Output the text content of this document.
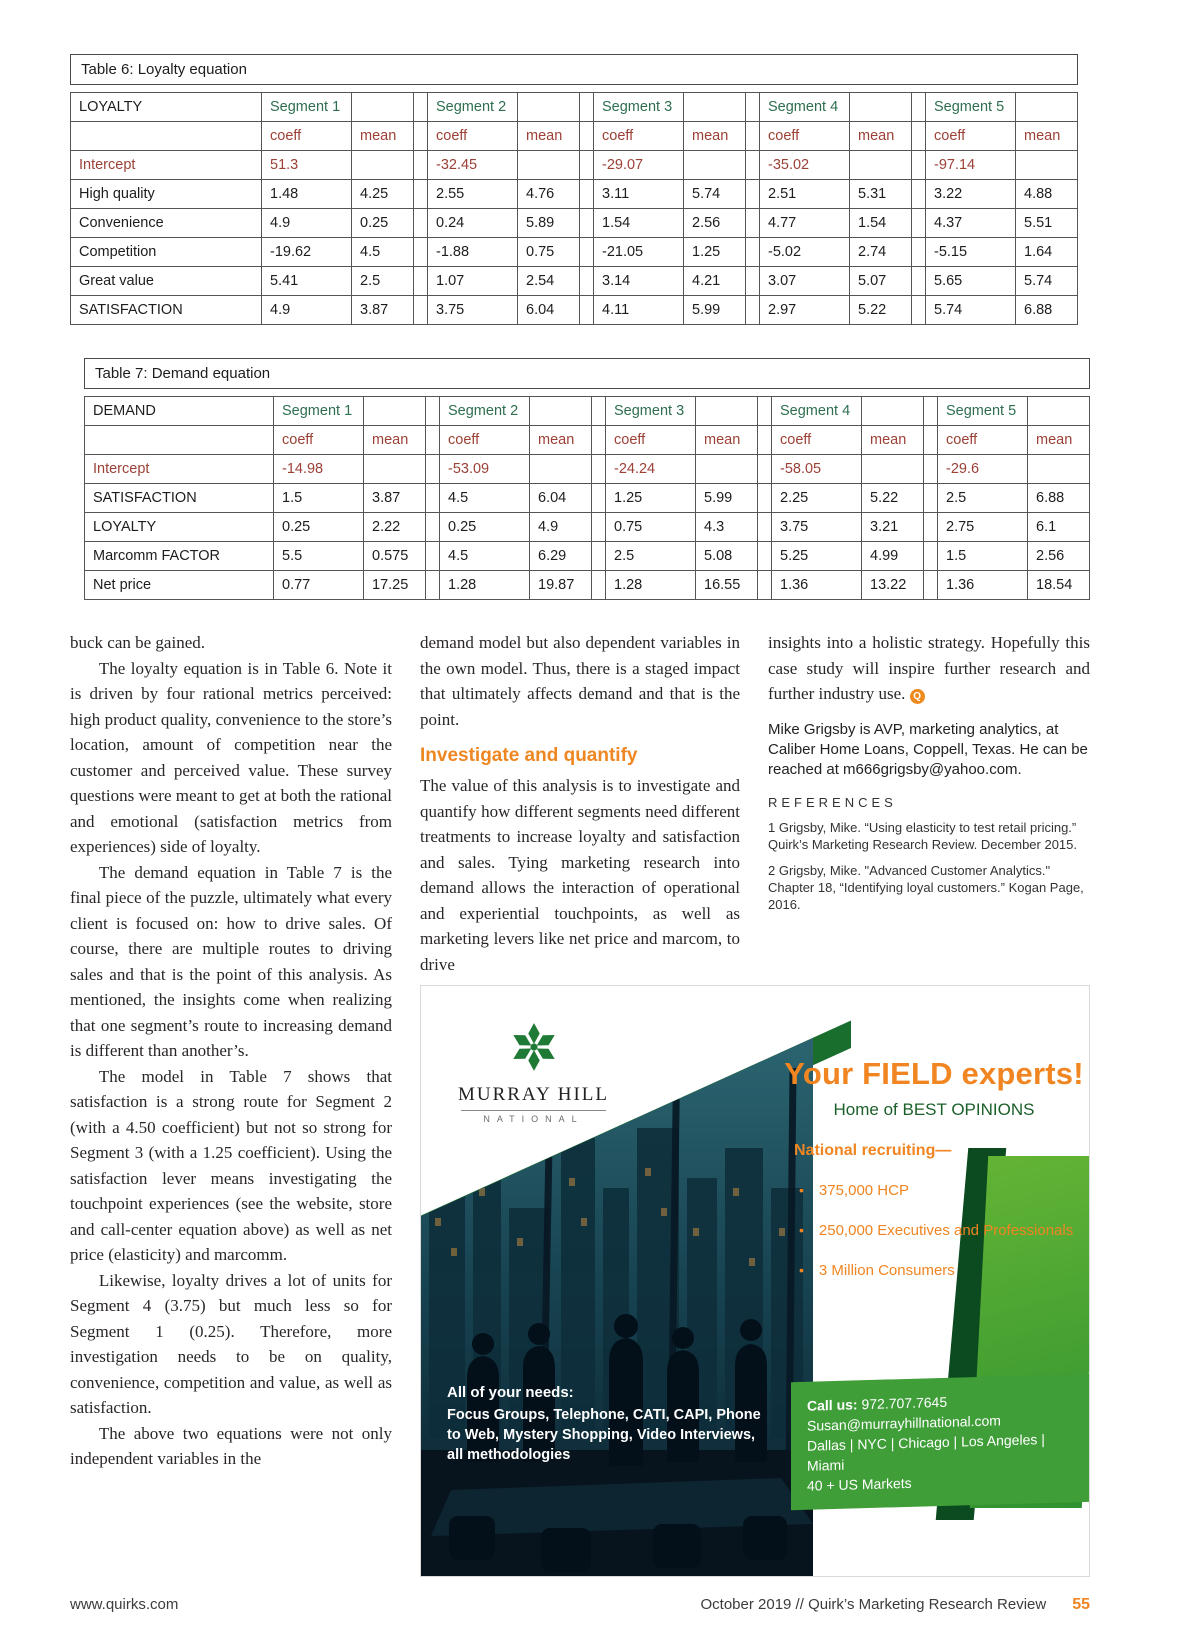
Table 6: Loyalty equation
LOYALTY	Segment 1			Segment 2			Segment 3			Segment 4			Segment 5	
	coeff	mean		coeff	mean		coeff	mean		coeff	mean		coeff	mean
Intercept	51.3			-32.45			-29.07			-35.02			-97.14	
High quality	1.48	4.25		2.55	4.76		3.11	5.74		2.51	5.31		3.22	4.88
Convenience	4.9	0.25		0.24	5.89		1.54	2.56		4.77	1.54		4.37	5.51
Competition	-19.62	4.5		-1.88	0.75		-21.05	1.25		-5.02	2.74		-5.15	1.64
Great value	5.41	2.5		1.07	2.54		3.14	4.21		3.07	5.07		5.65	5.74
SATISFACTION	4.9	3.87		3.75	6.04		4.11	5.99		2.97	5.22		5.74	6.88
Table 7: Demand equation
DEMAND	Segment 1			Segment 2			Segment 3			Segment 4			Segment 5	
	coeff	mean		coeff	mean		coeff	mean		coeff	mean		coeff	mean
Intercept	-14.98			-53.09			-24.24			-58.05			-29.6	
SATISFACTION	1.5	3.87		4.5	6.04		1.25	5.99		2.25	5.22		2.5	6.88
LOYALTY	0.25	2.22		0.25	4.9		0.75	4.3		3.75	3.21		2.75	6.1
Marcomm FACTOR	5.5	0.575		4.5	6.29		2.5	5.08		5.25	4.99		1.5	2.56
Net price	0.77	17.25		1.28	19.87		1.28	16.55		1.36	13.22		1.36	18.54

buck can be gained.

The loyalty equation is in Table 6. Note it is driven by four rational metrics perceived: high product quality, convenience to the store’s location, amount of competition near the customer and perceived value. These survey questions were meant to get at both the rational and emotional (satisfaction metrics from experiences) side of loyalty.

The demand equation in Table 7 is the final piece of the puzzle, ultimately what every client is focused on: how to drive sales. Of course, there are multiple routes to driving sales and that is the point of this analysis. As mentioned, the insights come when realizing that one segment’s route to increasing demand is different than another’s.

The model in Table 7 shows that satisfaction is a strong route for Segment 2 (with a 4.50 coefficient) but not so strong for Segment 3 (with a 1.25 coefficient). Using the satisfaction lever means investigating the touchpoint experiences (see the website, store and call-center equation above) as well as net price (elasticity) and marcomm.

Likewise, loyalty drives a lot of units for Segment 4 (3.75) but much less so for Segment 1 (0.25). Therefore, more investigation needs to be on quality, convenience, competition and value, as well as satisfaction.

The above two equations were not only independent variables in the

demand model but also dependent variables in the own model. Thus, there is a staged impact that ultimately affects demand and that is the point.

Investigate and quantify

The value of this analysis is to investigate and quantify how different segments need different treatments to increase loyalty and satisfaction and sales. Tying marketing research into demand allows the interaction of operational and experiential touchpoints, as well as marketing levers like net price and marcom, to drive

insights into a holistic strategy. Hopefully this case study will inspire further research and further industry use. Q

Mike Grigsby is AVP, marketing analytics, at Caliber Home Loans, Coppell, Texas. He can be reached at m666grigsby@yahoo.com.

REFERENCES

1 Grigsby, Mike. “Using elasticity to test retail pricing.” Quirk’s Marketing Research Review. December 2015.

2 Grigsby, Mike. "Advanced Customer Analytics." Chapter 18, “Identifying loyal customers.” Kogan Page, 2016.

MURRAY HILL
NATIONAL
Your FIELD experts!
Home of BEST OPINIONS
National recruiting—
• 375,000 HCP
• 250,000 Executives and Professionals
• 3 Million Consumers
All of your needs:
Focus Groups, Telephone, CATI, CAPI, Phone to Web, Mystery Shopping, Video Interviews, all methodologies
Call us: 972.707.7645
Susan@murrayhillnational.com
Dallas | NYC | Chicago | Los Angeles | Miami
40 + US Markets
www.quirks.com	October 2019 // Quirk’s Marketing Research Review 55
